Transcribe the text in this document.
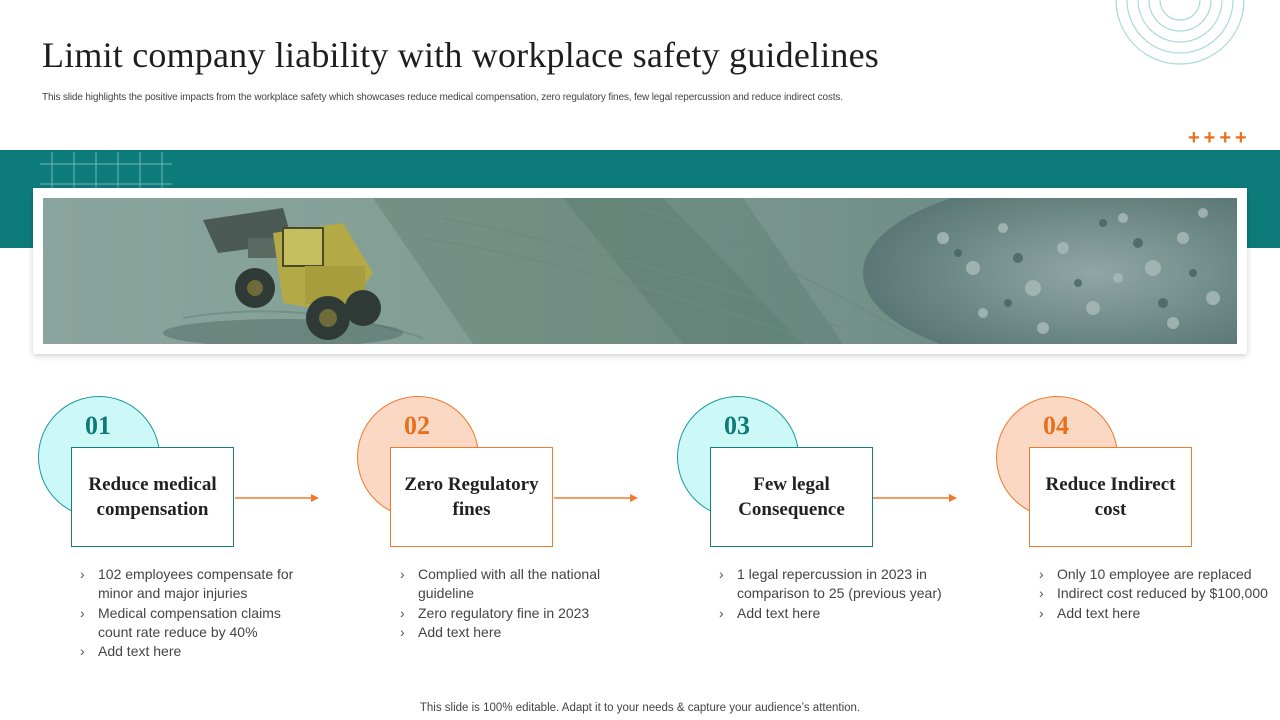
Limit company liability with workplace safety guidelines
This slide highlights the positive impacts from the workplace safety which showcases reduce medical compensation, zero regulatory fines, few legal repercussion and reduce indirect costs.
++++
01
Reduce medical compensation
› 102 employees compensate for minor and major injuries
› Medical compensation claims count rate reduce by 40%
› Add text here
02
Zero Regulatory fines
› Complied with all the national guideline
› Zero regulatory fine in 2023
› Add text here
03
Few legal Consequence
› 1 legal repercussion in 2023 in comparison to 25 (previous year)
› Add text here
04
Reduce Indirect  cost
› Only 10 employee are replaced
› Indirect cost reduced by $100,000
› Add text here
This slide is 100% editable. Adapt it to your needs & capture your audience’s attention.
